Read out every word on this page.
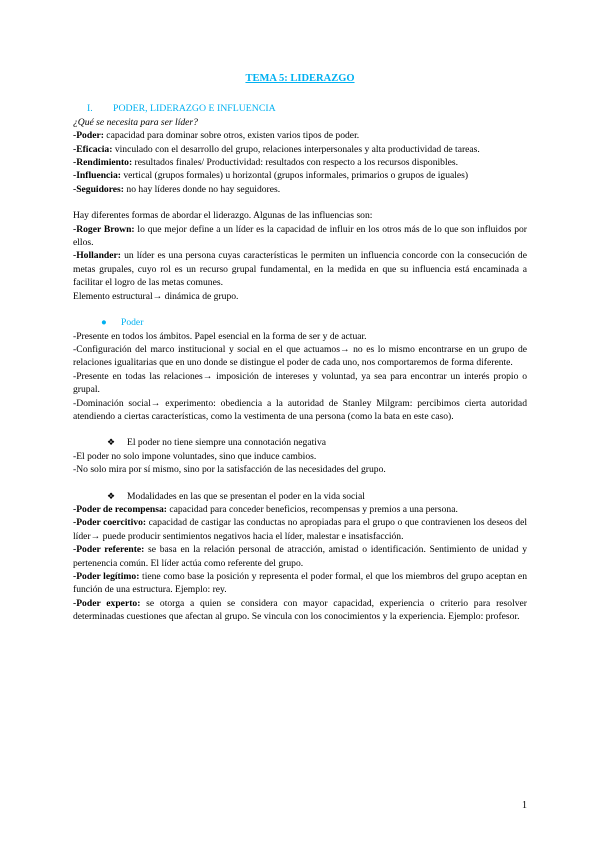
TEMA 5: LIDERAZGO
I.	PODER, LIDERAZGO E INFLUENCIA

¿Qué se necesita para ser líder?

-Poder: capacidad para dominar sobre otros, existen varios tipos de poder.

-Eficacia: vinculado con el desarrollo del grupo, relaciones interpersonales y alta productividad de tareas.

-Rendimiento: resultados finales/ Productividad: resultados con respecto a los recursos disponibles.

-Influencia: vertical (grupos formales) u horizontal (grupos informales, primarios o grupos de iguales)

-Seguidores: no hay líderes donde no hay seguidores.

Hay diferentes formas de abordar el liderazgo. Algunas de las influencias son:

-Roger Brown: lo que mejor define a un líder es la capacidad de influir en los otros más de lo que son influidos por ellos.

-Hollander: un líder es una persona cuyas características le permiten un influencia concorde con la consecución de metas grupales, cuyo rol es un recurso grupal fundamental, en la medida en que su influencia está encaminada a facilitar el logro de las metas comunes.

Elemento estructural→ dinámica de grupo.

● Poder

-Presente en todos los ámbitos. Papel esencial en la forma de ser y de actuar.

-Configuración del marco institucional y social en el que actuamos→ no es lo mismo encontrarse en un grupo de relaciones igualitarias que en uno donde se distingue el poder de cada uno, nos comportaremos de forma diferente.

-Presente en todas las relaciones→ imposición de intereses y voluntad, ya sea para encontrar un interés propio o grupal.

-Dominación social→ experimento: obediencia a la autoridad de Stanley Milgram: percibimos cierta autoridad atendiendo a ciertas características, como la vestimenta de una persona (como la bata en este caso).

❖ El poder no tiene siempre una connotación negativa

-El poder no solo impone voluntades, sino que induce cambios.

-No solo mira por sí mismo, sino por la satisfacción de las necesidades del grupo.

❖ Modalidades en las que se presentan el poder en la vida social

-Poder de recompensa: capacidad para conceder beneficios, recompensas y premios a una persona.

-Poder coercitivo: capacidad de castigar las conductas no apropiadas para el grupo o que contravienen los deseos del líder→ puede producir sentimientos negativos hacia el líder, malestar e insatisfacción.

-Poder referente: se basa en la relación personal de atracción, amistad o identificación. Sentimiento de unidad y pertenencia común. El líder actúa como referente del grupo.

-Poder legítimo: tiene como base la posición y representa el poder formal, el que los miembros del grupo aceptan en función de una estructura. Ejemplo: rey.

-Poder experto: se otorga a quien se considera con mayor capacidad, experiencia o criterio para resolver determinadas cuestiones que afectan al grupo. Se vincula con los conocimientos y la experiencia. Ejemplo: profesor.

1
